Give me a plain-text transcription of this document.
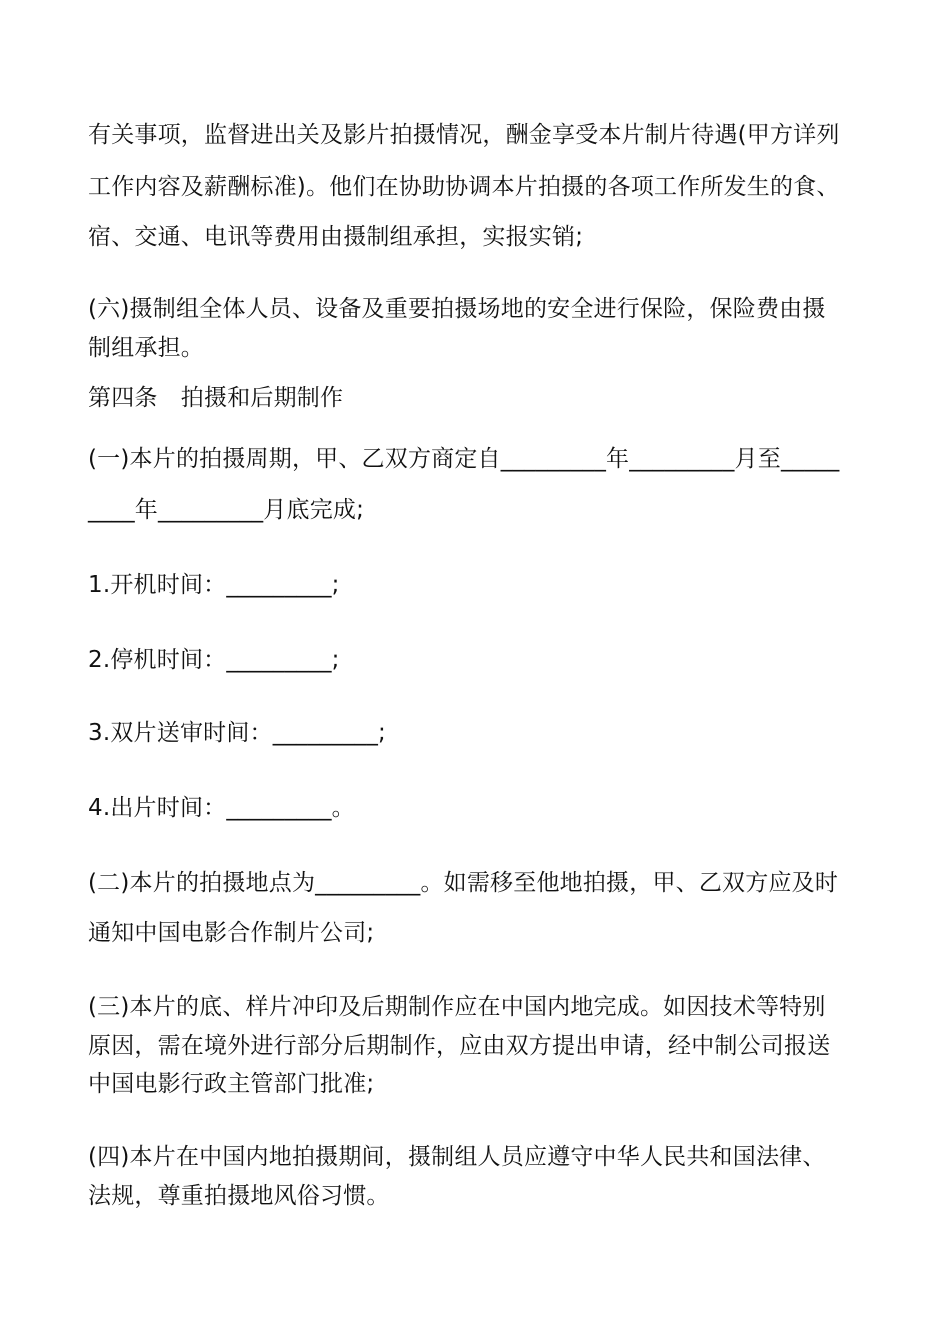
有关事项，监督进出关及影片拍摄情况，酬金享受本片制片待遇(甲方详列
工作内容及薪酬标准)。他们在协助协调本片拍摄的各项工作所发生的食、
宿、交通、电讯等费用由摄制组承担，实报实销;
(六)摄制组全体人员、设备及重要拍摄场地的安全进行保险，保险费由摄
制组承担。
第四条　拍摄和后期制作
(一)本片的拍摄周期，甲、乙双方商定自_________年_________月至_____
____年_________月底完成;
1.开机时间：_________;
2.停机时间：_________;
3.双片送审时间：_________;
4.出片时间：_________。
(二)本片的拍摄地点为_________。如需移至他地拍摄，甲、乙双方应及时
通知中国电影合作制片公司;
(三)本片的底、样片冲印及后期制作应在中国内地完成。如因技术等特别
原因，需在境外进行部分后期制作，应由双方提出申请，经中制公司报送
中国电影行政主管部门批准;
(四)本片在中国内地拍摄期间，摄制组人员应遵守中华人民共和国法律、
法规，尊重拍摄地风俗习惯。
